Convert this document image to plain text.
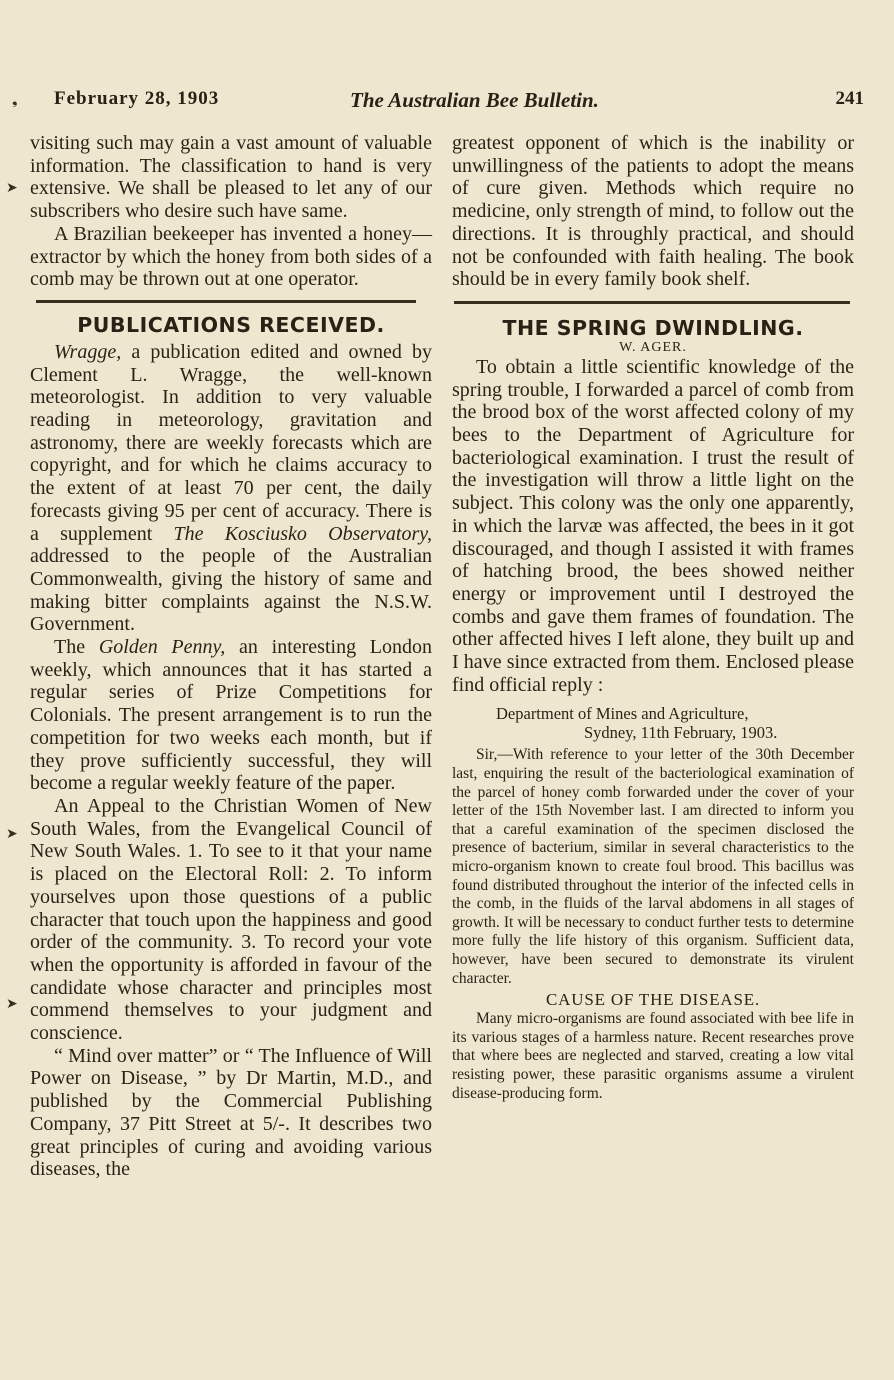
February 28, 1903	The Australian Bee Bulletin.	241
❟
➤
➤
➤

visiting such may gain a vast amount of valuable information. The classification to hand is very extensive. We shall be pleased to let any of our subscribers who desire such have same.

A Brazilian beekeeper has invented a honey—extractor by which the honey from both sides of a comb may be thrown out at one operator.

PUBLICATIONS RECEIVED.

Wragge, a publication edited and owned by Clement L. Wragge, the well-known meteorologist. In addition to very valuable reading in meteorology, gravitation and astronomy, there are weekly forecasts which are copyright, and for which he claims accuracy to the extent of at least 70 per cent, the daily forecasts giving 95 per cent of accuracy. There is a supplement The Kosciusko Observatory, addressed to the people of the Australian Commonwealth, giving the history of same and making bitter complaints against the N.S.W. Government.

The Golden Penny, an interesting London weekly, which announces that it has started a regular series of Prize Competitions for Colonials. The present arrangement is to run the competition for two weeks each month, but if they prove sufficiently successful, they will become a regular weekly feature of the paper.

An Appeal to the Christian Women of New South Wales, from the Evangelical Council of New South Wales. 1. To see to it that your name is placed on the Electoral Roll: 2. To inform yourselves upon those questions of a public character that touch upon the happiness and good order of the community. 3. To record your vote when the opportunity is afforded in favour of the candidate whose character and principles most commend themselves to your judgment and conscience.

“ Mind over matter” or “ The Influence of Will Power on Disease, ” by Dr Martin, M.D., and published by the Commercial Publishing Company, 37 Pitt Street at 5/-. It describes two great principles of curing and avoiding various diseases, the

greatest opponent of which is the inability or unwillingness of the patients to adopt the means of cure given. Methods which require no medicine, only strength of mind, to follow out the directions. It is throughly practical, and should not be confounded with faith healing. The book should be in every family book shelf.

THE SPRING DWINDLING.
W. AGER.

To obtain a little scientific knowledge of the spring trouble, I forwarded a parcel of comb from the brood box of the worst affected colony of my bees to the Department of Agriculture for bacteriological examination. I trust the result of the investigation will throw a little light on the subject. This colony was the only one apparently, in which the larvæ was affected, the bees in it got discouraged, and though I assisted it with frames of hatching brood, the bees showed neither energy or improvement until I destroyed the combs and gave them frames of foundation. The other affected hives I left alone, they built up and I have since extracted from them. Enclosed please find official reply :

Department of Mines and Agriculture,
Sydney, 11th February, 1903.

Sir,—With reference to your letter of the 30th December last, enquiring the result of the bacteriological examination of the parcel of honey comb forwarded under the cover of your letter of the 15th November last. I am directed to inform you that a careful examination of the specimen disclosed the presence of bacterium, similar in several characteristics to the micro-organism known to create foul brood. This bacillus was found distributed throughout the interior of the infected cells in the comb, in the fluids of the larval abdomens in all stages of growth. It will be necessary to conduct further tests to determine more fully the life history of this organism. Sufficient data, however, have been secured to demonstrate its virulent character.

CAUSE OF THE DISEASE.

Many micro-organisms are found associated with bee life in its various stages of a harmless nature. Recent researches prove that where bees are neglected and starved, creating a low vital resisting power, these parasitic organisms assume a virulent disease-producing form.
